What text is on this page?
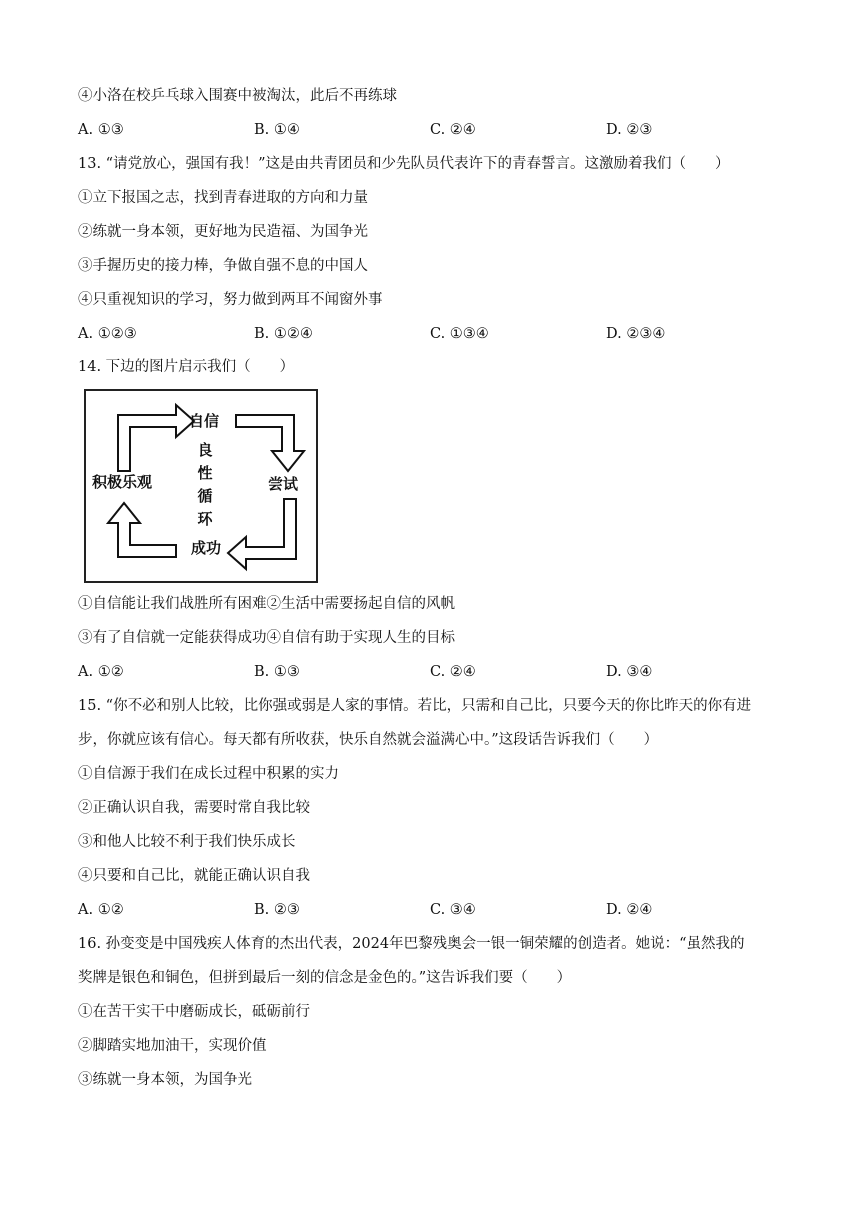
④小洛在校乒乓球入围赛中被淘汰，此后不再练球
A. ①③	B. ①④	C. ②④	D. ②③
13. “请党放心，强国有我！”这是由共青团员和少先队员代表许下的青春誓言。这激励着我们（　　）
①立下报国之志，找到青春进取的方向和力量
②练就一身本领，更好地为民造福、为国争光
③手握历史的接力棒，争做自强不息的中国人
④只重视知识的学习，努力做到两耳不闻窗外事
A. ①②③	B. ①②④	C. ①③④	D. ②③④
14. 下边的图片启示我们（　　）
自信
尝试
成功
积极乐观
良
性
循
环
①自信能让我们战胜所有困难②生活中需要扬起自信的风帆
③有了自信就一定能获得成功④自信有助于实现人生的目标
A. ①②	B. ①③	C. ②④	D. ③④
15. “你不必和别人比较，比你强或弱是人家的事情。若比，只需和自己比，只要今天的你比昨天的你有进
步，你就应该有信心。每天都有所收获，快乐自然就会溢满心中。”这段话告诉我们（　　）
①自信源于我们在成长过程中积累的实力
②正确认识自我，需要时常自我比较
③和他人比较不利于我们快乐成长
④只要和自己比，就能正确认识自我
A. ①②	B. ②③	C. ③④	D. ②④
16. 孙变变是中国残疾人体育的杰出代表，2024年巴黎残奥会一银一铜荣耀的创造者。她说：“虽然我的
奖牌是银色和铜色，但拼到最后一刻的信念是金色的。”这告诉我们要（　　）
①在苦干实干中磨砺成长，砥砺前行
②脚踏实地加油干，实现价值
③练就一身本领，为国争光
